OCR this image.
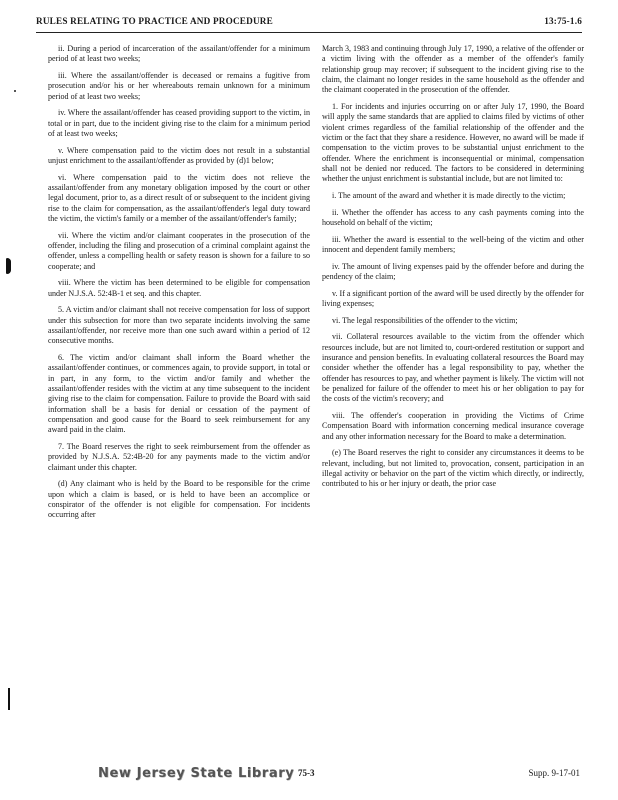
RULES RELATING TO PRACTICE AND PROCEDURE	13:75-1.6

ii. During a period of incarceration of the assailant/offender for a minimum period of at least two weeks;

iii. Where the assailant/offender is deceased or remains a fugitive from prosecution and/or his or her whereabouts remain unknown for a minimum period of at least two weeks;

iv. Where the assailant/offender has ceased providing support to the victim, in total or in part, due to the incident giving rise to the claim for a minimum period of at least two weeks;

v. Where compensation paid to the victim does not result in a substantial unjust enrichment to the assailant/offender as provided by (d)1 below;

vi. Where compensation paid to the victim does not relieve the assailant/offender from any monetary obligation imposed by the court or other legal document, prior to, as a direct result of or subsequent to the incident giving rise to the claim for compensation, as the assailant/offender's legal duty toward the victim, the victim's family or a member of the assailant/offender's family;

vii. Where the victim and/or claimant cooperates in the prosecution of the offender, including the filing and prosecution of a criminal complaint against the offender, unless a compelling health or safety reason is shown for a failure to so cooperate; and

viii. Where the victim has been determined to be eligible for compensation under N.J.S.A. 52:4B-1 et seq. and this chapter.

5. A victim and/or claimant shall not receive compensation for loss of support under this subsection for more than two separate incidents involving the same assailant/offender, nor receive more than one such award within a period of 12 consecutive months.

6. The victim and/or claimant shall inform the Board whether the assailant/offender continues, or commences again, to provide support, in total or in part, in any form, to the victim and/or family and whether the assailant/offender resides with the victim at any time subsequent to the incident giving rise to the claim for compensation. Failure to provide the Board with said information shall be a basis for denial or cessation of the payment of compensation and good cause for the Board to seek reimbursement for any award paid in the claim.

7. The Board reserves the right to seek reimbursement from the offender as provided by N.J.S.A. 52:4B-20 for any payments made to the victim and/or claimant under this chapter.

(d) Any claimant who is held by the Board to be responsible for the crime upon which a claim is based, or is held to have been an accomplice or conspirator of the offender is not eligible for compensation. For incidents occurring after

March 3, 1983 and continuing through July 17, 1990, a relative of the offender or a victim living with the offender as a member of the offender's family relationship group may recover; if subsequent to the incident giving rise to the claim, the claimant no longer resides in the same household as the offender and the claimant cooperated in the prosecution of the offender.

1. For incidents and injuries occurring on or after July 17, 1990, the Board will apply the same standards that are applied to claims filed by victims of other violent crimes regardless of the familial relationship of the offender and the victim or the fact that they share a residence. However, no award will be made if compensation to the victim proves to be substantial unjust enrichment to the offender. Where the enrichment is inconsequential or minimal, compensation shall not be denied nor reduced. The factors to be considered in determining whether the unjust enrichment is substantial include, but are not limited to:

i. The amount of the award and whether it is made directly to the victim;

ii. Whether the offender has access to any cash payments coming into the household on behalf of the victim;

iii. Whether the award is essential to the well-being of the victim and other innocent and dependent family members;

iv. The amount of living expenses paid by the offender before and during the pendency of the claim;

v. If a significant portion of the award will be used directly by the offender for living expenses;

vi. The legal responsibilities of the offender to the victim;

vii. Collateral resources available to the victim from the offender which resources include, but are not limited to, court-ordered restitution or support and insurance and pension benefits. In evaluating collateral resources the Board may consider whether the offender has a legal responsibility to pay, whether the offender has resources to pay, and whether payment is likely. The victim will not be penalized for failure of the offender to meet his or her obligation to pay for the costs of the victim's recovery; and

viii. The offender's cooperation in providing the Victims of Crime Compensation Board with information concerning medical insurance coverage and any other information necessary for the Board to make a determination.

(e) The Board reserves the right to consider any circumstances it deems to be relevant, including, but not limited to, provocation, consent, participation in an illegal activity or behavior on the part of the victim which directly, or indirectly, contributed to his or her injury or death, the prior case

New Jersey State Library 75-3	Supp. 9-17-01
